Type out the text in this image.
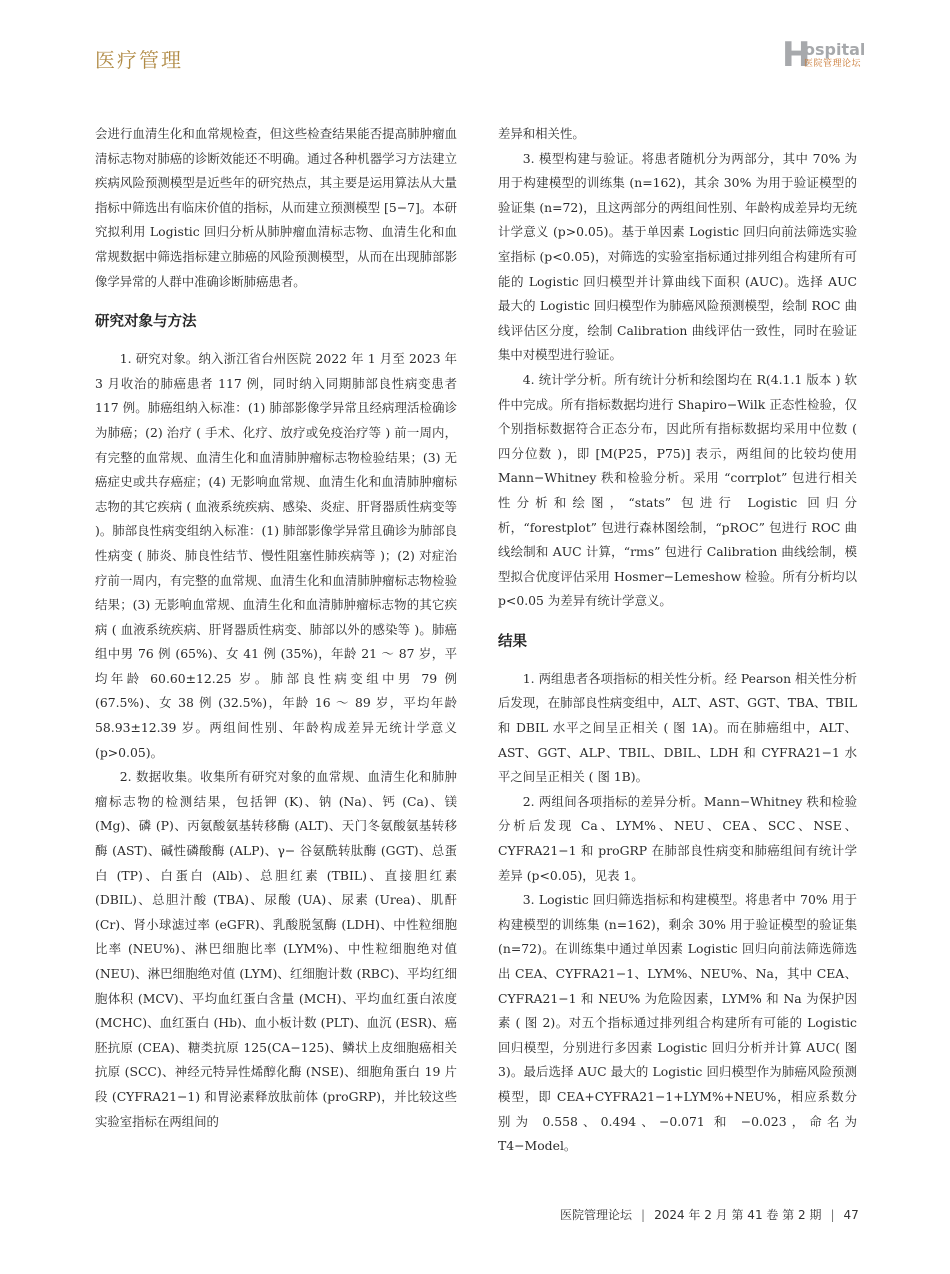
医疗管理	H
ospital
医院管理论坛

会进行血清生化和血常规检查，但这些检查结果能否提高肺肿瘤血清标志物对肺癌的诊断效能还不明确。通过各种机器学习方法建立疾病风险预测模型是近些年的研究热点，其主要是运用算法从大量指标中筛选出有临床价值的指标，从而建立预测模型 [5−7]。本研究拟利用 Logistic 回归分析从肺肿瘤血清标志物、血清生化和血常规数据中筛选指标建立肺癌的风险预测模型，从而在出现肺部影像学异常的人群中准确诊断肺癌患者。

研究对象与方法

1. 研究对象。纳入浙江省台州医院 2022 年 1 月至 2023 年 3 月收治的肺癌患者 117 例，同时纳入同期肺部良性病变患者 117 例。肺癌组纳入标准：(1) 肺部影像学异常且经病理活检确诊为肺癌；(2) 治疗 ( 手术、化疗、放疗或免疫治疗等 ) 前一周内，有完整的血常规、血清生化和血清肺肿瘤标志物检验结果；(3) 无癌症史或共存癌症；(4) 无影响血常规、血清生化和血清肺肿瘤标志物的其它疾病 ( 血液系统疾病、感染、炎症、肝肾器质性病变等 )。肺部良性病变组纳入标准：(1) 肺部影像学异常且确诊为肺部良性病变 ( 肺炎、肺良性结节、慢性阻塞性肺疾病等 )；(2) 对症治疗前一周内，有完整的血常规、血清生化和血清肺肿瘤标志物检验结果；(3) 无影响血常规、血清生化和血清肺肿瘤标志物的其它疾病 ( 血液系统疾病、肝肾器质性病变、肺部以外的感染等 )。肺癌组中男 76 例 (65%)、女 41 例 (35%)，年龄 21 ～ 87 岁，平均年龄 60.60±12.25 岁。肺部良性病变组中男 79 例 (67.5%)、女 38 例 (32.5%)，年龄 16 ～ 89 岁，平均年龄 58.93±12.39 岁。两组间性别、年龄构成差异无统计学意义 (p>0.05)。

2. 数据收集。收集所有研究对象的血常规、血清生化和肺肿瘤标志物的检测结果，包括钾 (K)、钠 (Na)、钙 (Ca)、镁 (Mg)、磷 (P)、丙氨酸氨基转移酶 (ALT)、天门冬氨酸氨基转移酶 (AST)、碱性磷酸酶 (ALP)、γ− 谷氨酰转肽酶 (GGT)、总蛋白 (TP)、白蛋白 (Alb)、总胆红素 (TBIL)、直接胆红素 (DBIL)、总胆汁酸 (TBA)、尿酸 (UA)、尿素 (Urea)、肌酐 (Cr)、肾小球滤过率 (eGFR)、乳酸脱氢酶 (LDH)、中性粒细胞比率 (NEU%)、淋巴细胞比率 (LYM%)、中性粒细胞绝对值 (NEU)、淋巴细胞绝对值 (LYM)、红细胞计数 (RBC)、平均红细胞体积 (MCV)、平均血红蛋白含量 (MCH)、平均血红蛋白浓度 (MCHC)、血红蛋白 (Hb)、血小板计数 (PLT)、血沉 (ESR)、癌胚抗原 (CEA)、糖类抗原 125(CA−125)、鳞状上皮细胞癌相关抗原 (SCC)、神经元特异性烯醇化酶 (NSE)、细胞角蛋白 19 片段 (CYFRA21−1) 和胃泌素释放肽前体 (proGRP)，并比较这些实验室指标在两组间的

差异和相关性。

3. 模型构建与验证。将患者随机分为两部分，其中 70% 为用于构建模型的训练集 (n=162)，其余 30% 为用于验证模型的验证集 (n=72)，且这两部分的两组间性别、年龄构成差异均无统计学意义 (p>0.05)。基于单因素 Logistic 回归向前法筛选实验室指标 (p<0.05)，对筛选的实验室指标通过排列组合构建所有可能的 Logistic 回归模型并计算曲线下面积 (AUC)。选择 AUC 最大的 Logistic 回归模型作为肺癌风险预测模型，绘制 ROC 曲线评估区分度，绘制 Calibration 曲线评估一致性，同时在验证集中对模型进行验证。

4. 统计学分析。所有统计分析和绘图均在 R(4.1.1 版本 ) 软件中完成。所有指标数据均进行 Shapiro−Wilk 正态性检验，仅个别指标数据符合正态分布，因此所有指标数据均采用中位数 ( 四分位数 )，即 [M(P25，P75)] 表示，两组间的比较均使用 Mann−Whitney 秩和检验分析。采用 “corrplot” 包进行相关性分析和绘图，“stats” 包进行 Logistic 回归分析，“forestplot” 包进行森林图绘制，“pROC” 包进行 ROC 曲线绘制和 AUC 计算，“rms” 包进行 Calibration 曲线绘制，模型拟合优度评估采用 Hosmer−Lemeshow 检验。所有分析均以 p<0.05 为差异有统计学意义。

结果

1. 两组患者各项指标的相关性分析。经 Pearson 相关性分析后发现，在肺部良性病变组中，ALT、AST、GGT、TBA、TBIL 和 DBIL 水平之间呈正相关 ( 图 1A)。而在肺癌组中，ALT、AST、GGT、ALP、TBIL、DBIL、LDH 和 CYFRA21−1 水平之间呈正相关 ( 图 1B)。

2. 两组间各项指标的差异分析。Mann−Whitney 秩和检验分析后发现 Ca、LYM%、NEU、CEA、SCC、NSE、CYFRA21−1 和 proGRP 在肺部良性病变和肺癌组间有统计学差异 (p<0.05)，见表 1。

3. Logistic 回归筛选指标和构建模型。将患者中 70% 用于构建模型的训练集 (n=162)，剩余 30% 用于验证模型的验证集 (n=72)。在训练集中通过单因素 Logistic 回归向前法筛选筛选出 CEA、CYFRA21−1、LYM%、NEU%、Na，其中 CEA、CYFRA21−1 和 NEU% 为危险因素，LYM% 和 Na 为保护因素 ( 图 2)。对五个指标通过排列组合构建所有可能的 Logistic 回归模型，分别进行多因素 Logistic 回归分析并计算 AUC( 图 3)。最后选择 AUC 最大的 Logistic 回归模型作为肺癌风险预测模型，即 CEA+CYFRA21−1+LYM%+NEU%，相应系数分别为 0.558、0.494、−0.071 和 −0.023，命名为 T4−Model。

医院管理论坛 | 2024 年 2 月 第 41 卷 第 2 期 | 47
